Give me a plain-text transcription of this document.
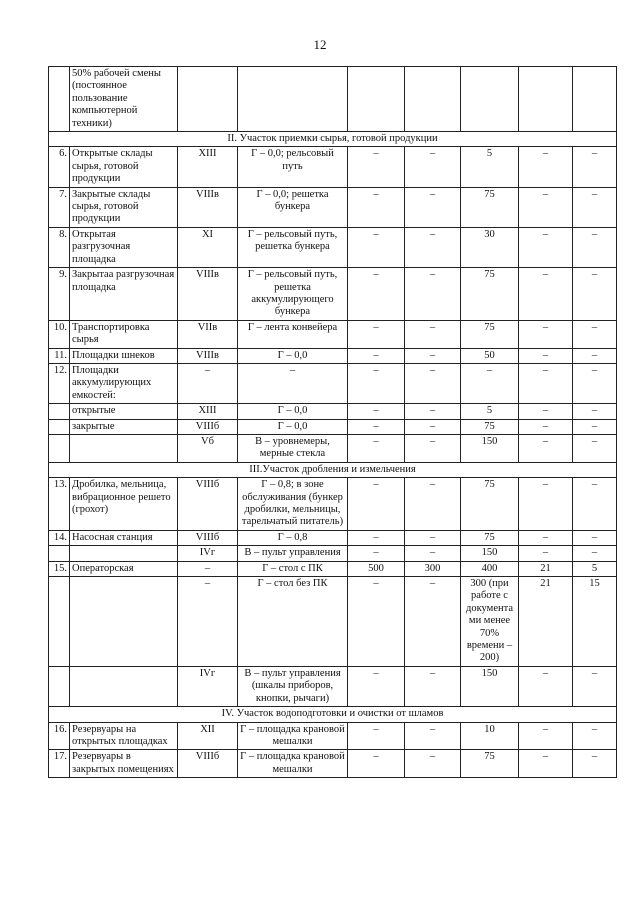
12
	50% рабочей смены (постоянное пользование компьютерной техники)							
II. Участок приемки сырья, готовой продукции								
6.	Открытые склады сырья, готовой продукции	XIII	Г – 0,0; рельсовый путь	–	–	5	–	–
7.	Закрытые склады сырья, готовой продукции	VIIIв	Г – 0,0; решетка бункера	–	–	75	–	–
8.	Открытая разгрузочная площадка	XI	Г – рельсовый путь, решетка бункера	–	–	30	–	–
9.	Закрытаа разгрузочная площадка	VIIIв	Г – рельсовый путь, решетка аккумулирующего бункера	–	–	75	–	–
10.	Транспортировка сырья	VIIв	Г – лента конвейера	–	–	75	–	–
11.	Площадки шнеков	VIIIв	Г – 0,0	–	–	50	–	–
12.	Площадки аккумулирующих емкостей:	–	–	–	–	–	–	–
	открытые	XIII	Г – 0,0	–	–	5	–	–
	закрытые	VIIIб	Г – 0,0	–	–	75	–	–
		Vб	В – уровнемеры, мерные стекла	–	–	150	–	–
III.Участок дробления и измельчения								
13.	Дробилка, мельница, вибрационное решето (грохот)	VIIIб	Г – 0,8; в зоне обслуживания (бункер дробилки, мельницы, тарельчатый питатель)	–	–	75	–	–
14.	Насосная станция	VIIIб	Г – 0,8	–	–	75	–	–
		IVг	В – пульт управления	–	–	150	–	–
15.	Операторская	–	Г – стол с ПК	500	300	400	21	5
		–	Г – стол без ПК	–	–	300 (при работе с документа ми менее 70% времени – 200)	21	15
		IVг	В – пульт управления (шкалы приборов, кнопки, рычаги)	–	–	150	–	–
IV. Участок водоподготовки и очистки от шламов								
16.	Резервуары на открытых площадках	XII	Г – площадка крановой мешалки	–	–	10	–	–
17.	Резервуары в закрытых помещениях	VIIIб	Г – площадка крановой мешалки	–	–	75	–	–
